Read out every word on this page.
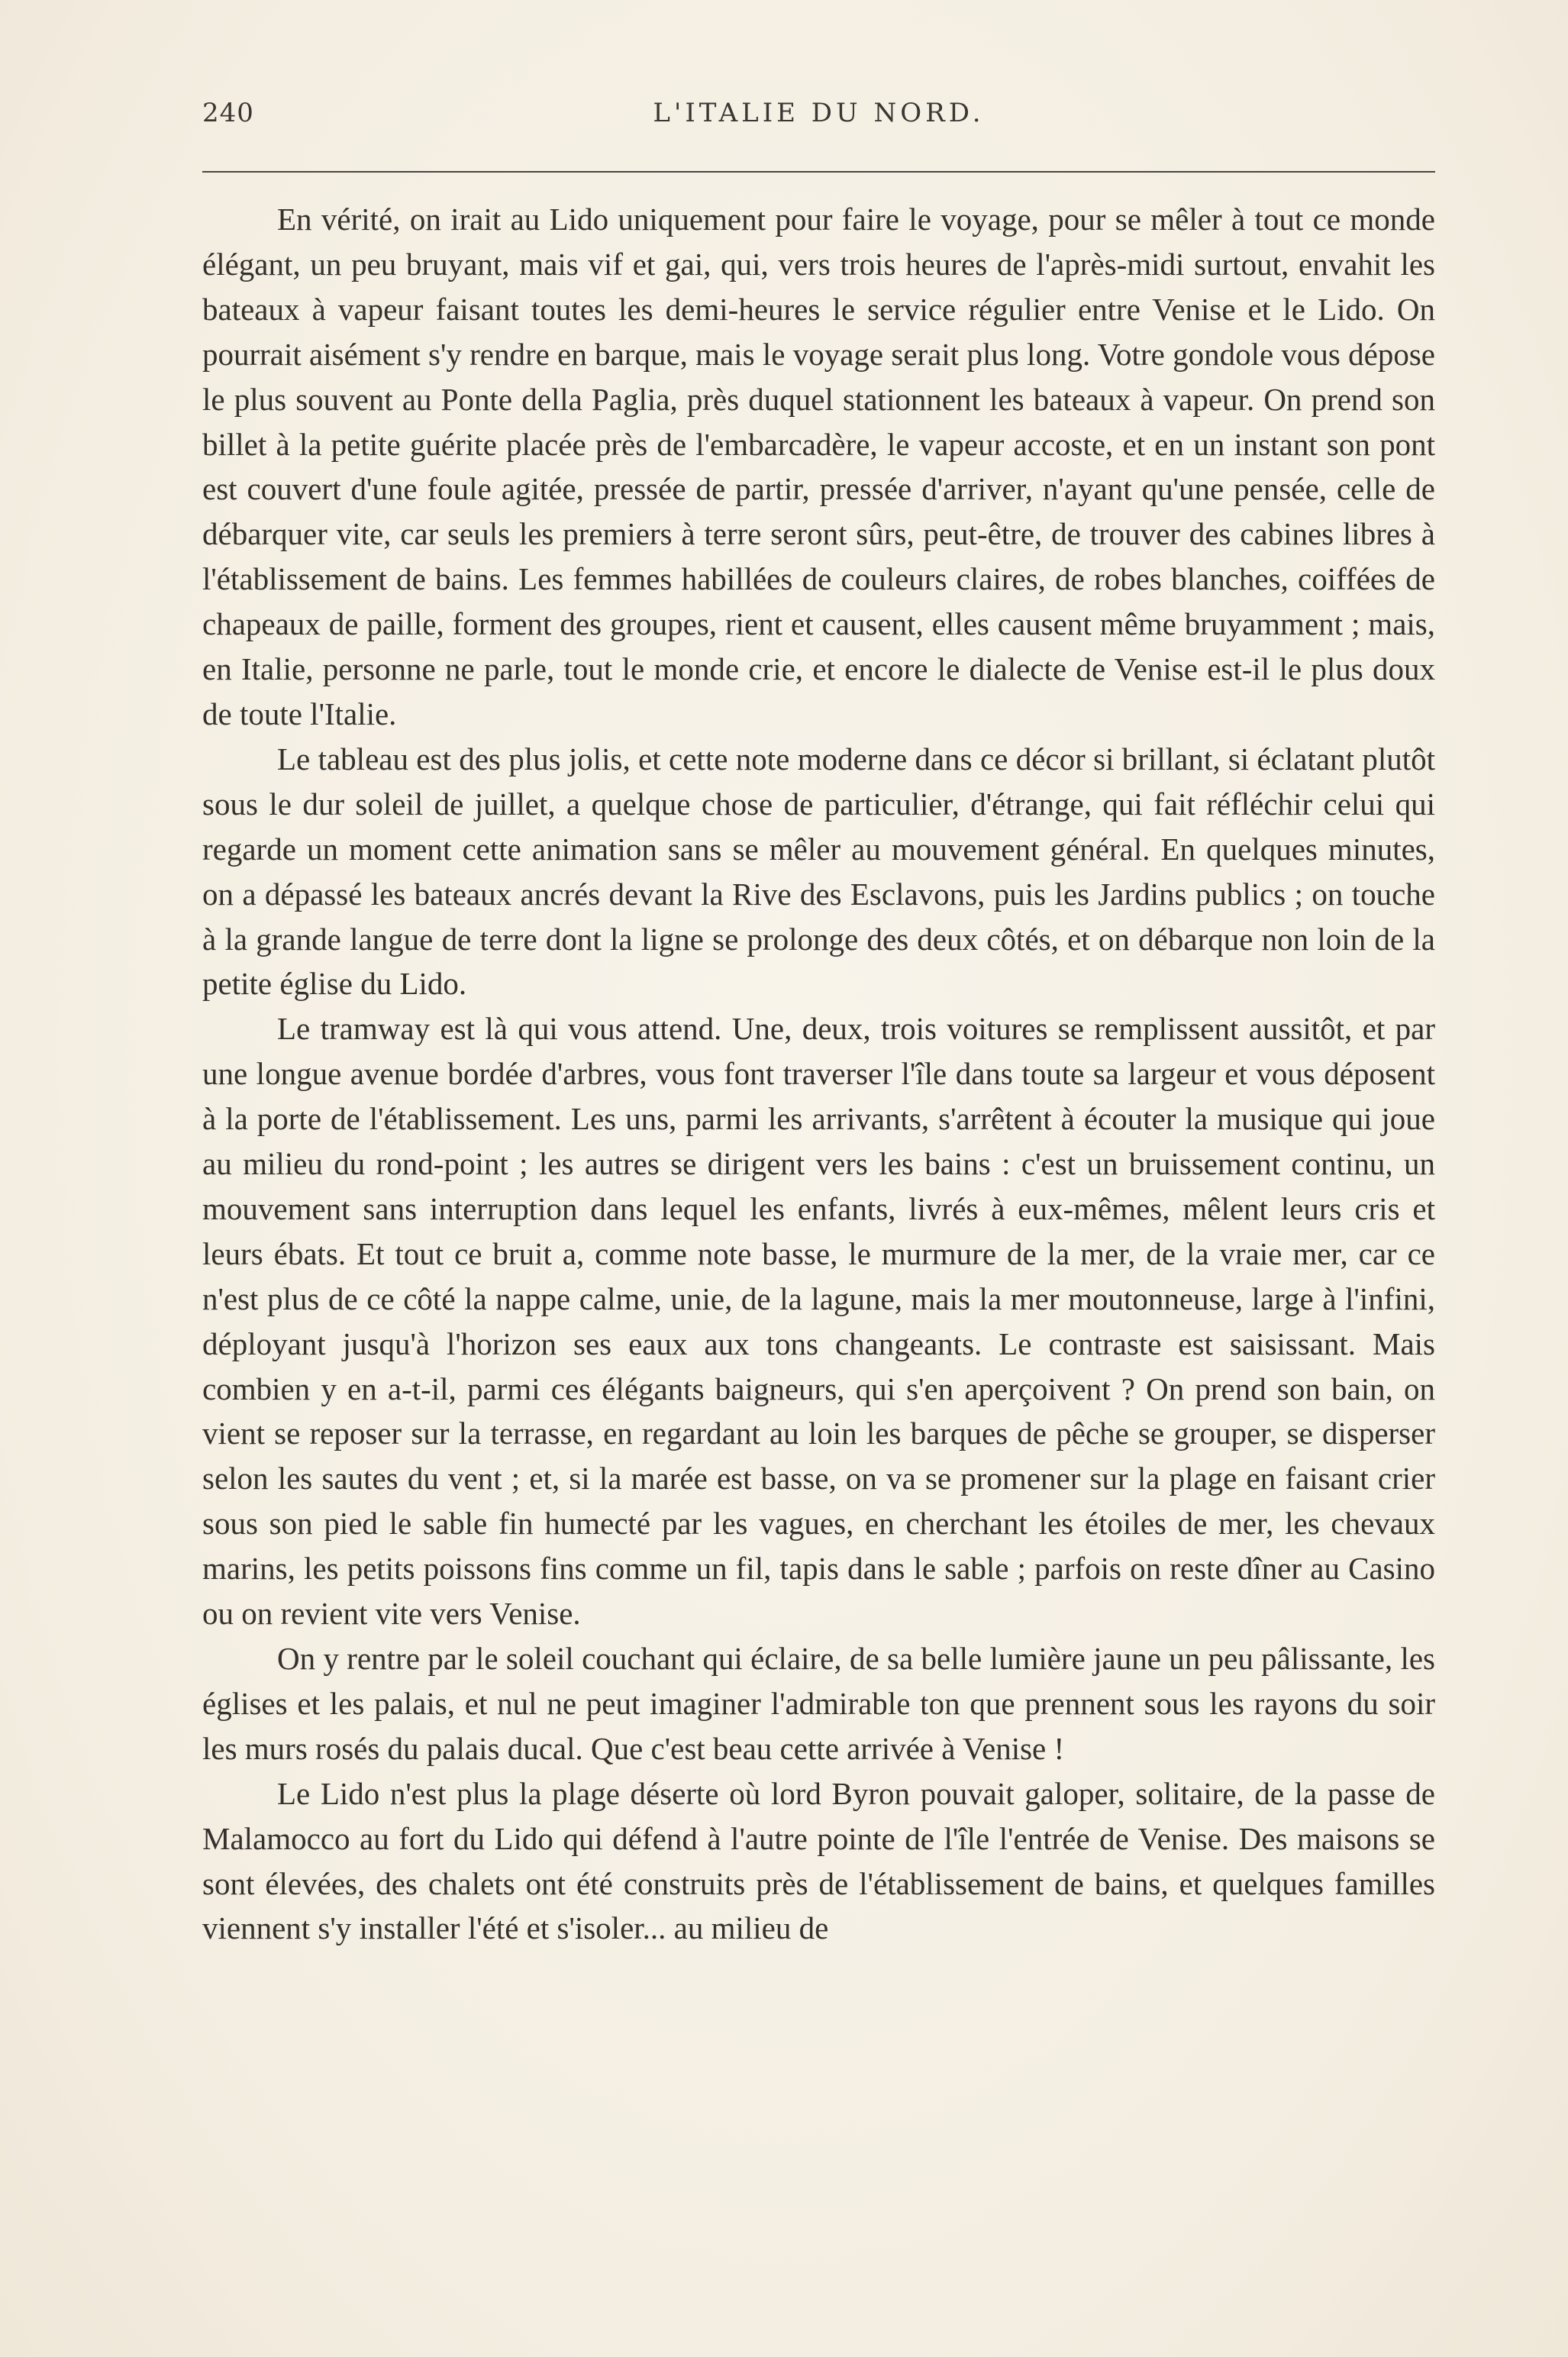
240	L'ITALIE DU NORD.

En vérité, on irait au Lido uniquement pour faire le voyage, pour se mêler à tout ce monde élégant, un peu bruyant, mais vif et gai, qui, vers trois heures de l'après-midi surtout, envahit les bateaux à vapeur faisant toutes les demi-heures le service régulier entre Venise et le Lido. On pourrait aisément s'y rendre en barque, mais le voyage serait plus long. Votre gondole vous dépose le plus souvent au Ponte della Paglia, près duquel stationnent les bateaux à vapeur. On prend son billet à la petite guérite placée près de l'embarcadère, le vapeur accoste, et en un instant son pont est couvert d'une foule agitée, pressée de partir, pressée d'arriver, n'ayant qu'une pensée, celle de débarquer vite, car seuls les premiers à terre seront sûrs, peut-être, de trouver des cabines libres à l'établissement de bains. Les femmes habillées de couleurs claires, de robes blanches, coiffées de chapeaux de paille, forment des groupes, rient et causent, elles causent même bruyamment ; mais, en Italie, personne ne parle, tout le monde crie, et encore le dialecte de Venise est-il le plus doux de toute l'Italie.

Le tableau est des plus jolis, et cette note moderne dans ce décor si brillant, si éclatant plutôt sous le dur soleil de juillet, a quelque chose de particulier, d'étrange, qui fait réfléchir celui qui regarde un moment cette animation sans se mêler au mouvement général. En quelques minutes, on a dépassé les bateaux ancrés devant la Rive des Esclavons, puis les Jardins publics ; on touche à la grande langue de terre dont la ligne se prolonge des deux côtés, et on débarque non loin de la petite église du Lido.

Le tramway est là qui vous attend. Une, deux, trois voitures se remplissent aussitôt, et par une longue avenue bordée d'arbres, vous font traverser l'île dans toute sa largeur et vous déposent à la porte de l'établissement. Les uns, parmi les arrivants, s'arrêtent à écouter la musique qui joue au milieu du rond-point ; les autres se dirigent vers les bains : c'est un bruissement continu, un mouvement sans interruption dans lequel les enfants, livrés à eux-mêmes, mêlent leurs cris et leurs ébats. Et tout ce bruit a, comme note basse, le murmure de la mer, de la vraie mer, car ce n'est plus de ce côté la nappe calme, unie, de la lagune, mais la mer moutonneuse, large à l'infini, déployant jusqu'à l'horizon ses eaux aux tons changeants. Le contraste est saisissant. Mais combien y en a-t-il, parmi ces élégants baigneurs, qui s'en aperçoivent ? On prend son bain, on vient se reposer sur la terrasse, en regardant au loin les barques de pêche se grouper, se disperser selon les sautes du vent ; et, si la marée est basse, on va se promener sur la plage en faisant crier sous son pied le sable fin humecté par les vagues, en cherchant les étoiles de mer, les chevaux marins, les petits poissons fins comme un fil, tapis dans le sable ; parfois on reste dîner au Casino ou on revient vite vers Venise.

On y rentre par le soleil couchant qui éclaire, de sa belle lumière jaune un peu pâlissante, les églises et les palais, et nul ne peut imaginer l'admirable ton que prennent sous les rayons du soir les murs rosés du palais ducal. Que c'est beau cette arrivée à Venise !

Le Lido n'est plus la plage déserte où lord Byron pouvait galoper, solitaire, de la passe de Malamocco au fort du Lido qui défend à l'autre pointe de l'île l'entrée de Venise. Des maisons se sont élevées, des chalets ont été construits près de l'établissement de bains, et quelques familles viennent s'y installer l'été et s'isoler... au milieu de
